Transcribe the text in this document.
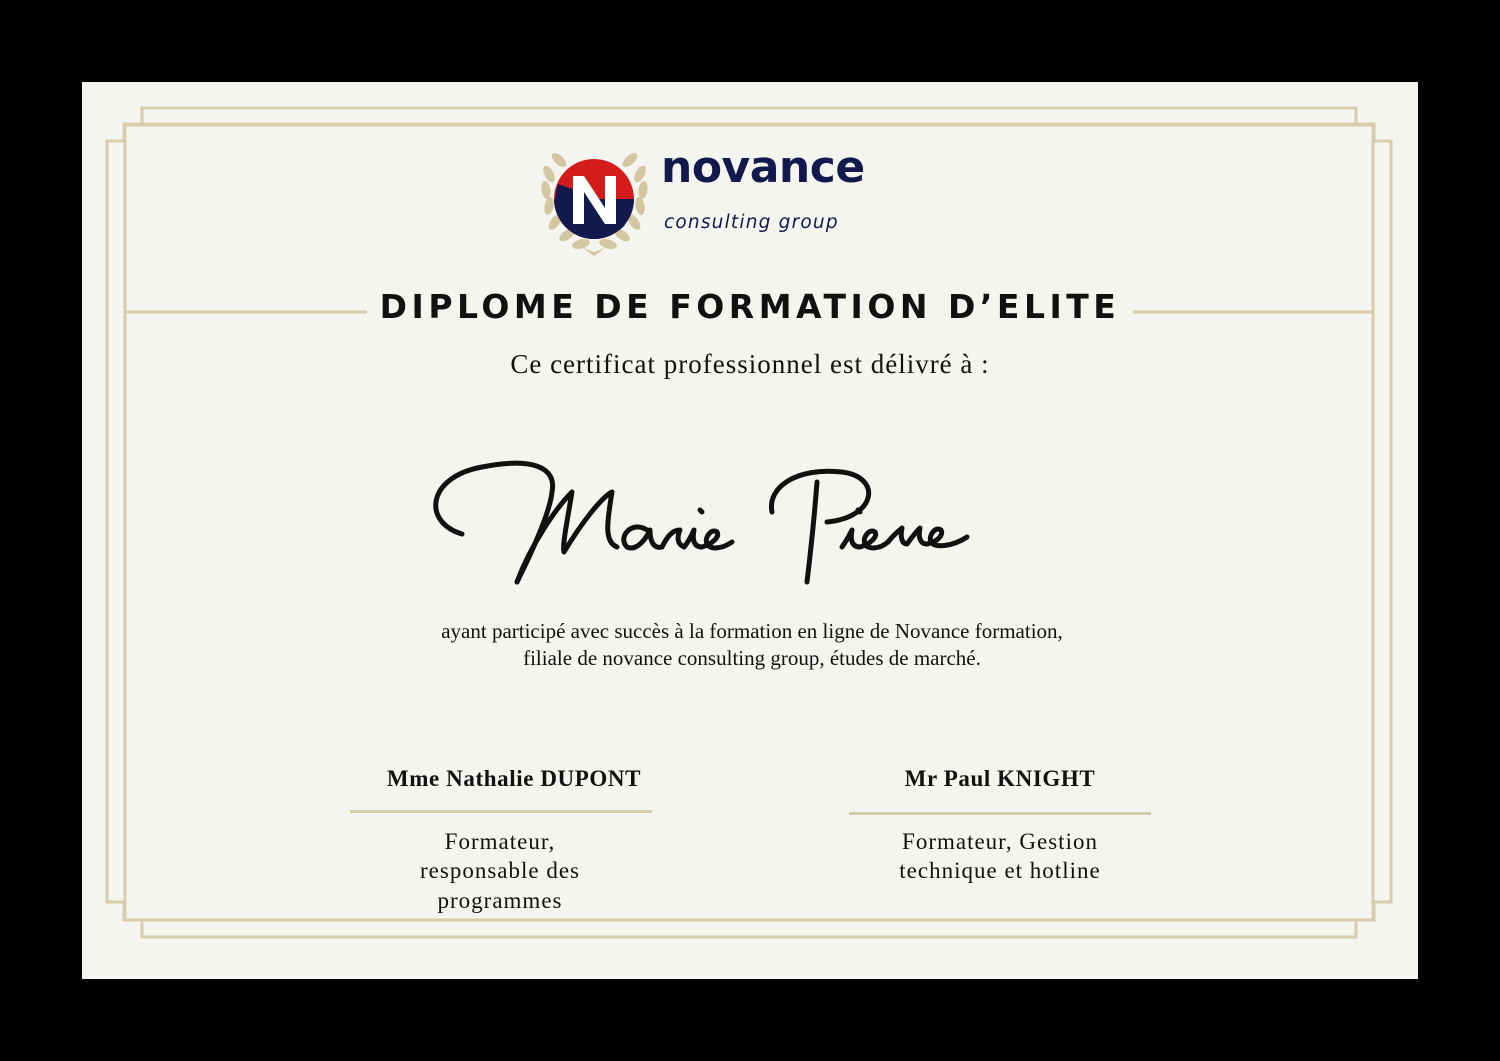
novance
consulting group
DIPLOME DE FORMATION D’ELITE
Ce certificat professionnel est délivré à :
ayant participé avec succès à la formation en ligne de Novance formation,
filiale de novance consulting group, études de marché.
Mme Nathalie DUPONT
Formateur,
responsable des
programmes
Mr Paul KNIGHT
Formateur, Gestion
technique et hotline
